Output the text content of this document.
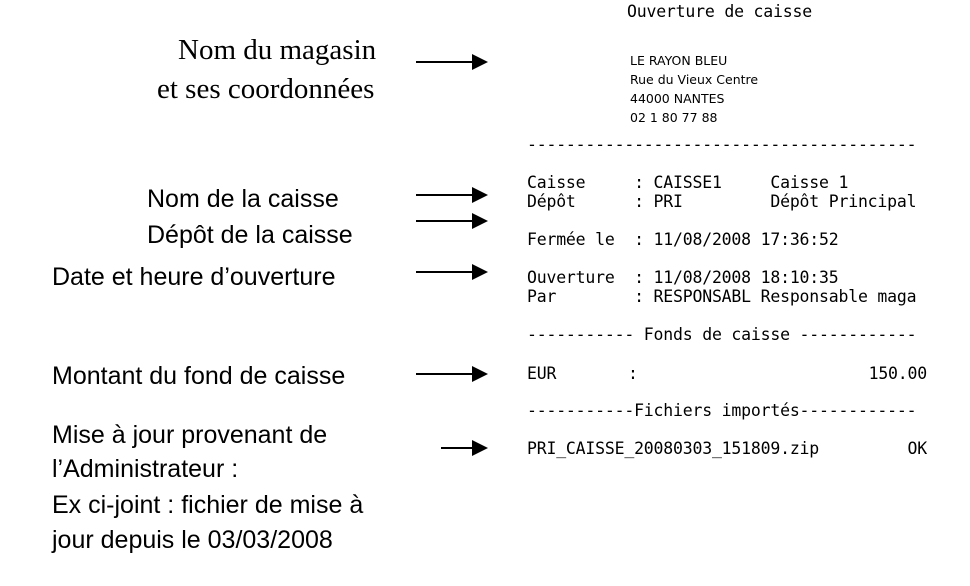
Nom du magasin
et ses coordonnées
Nom de la caisse
Dépôt de la caisse
Date et heure d’ouverture
Montant du fond de caisse
Mise à jour provenant de
l’Administrateur :
Ex ci-joint : fichier de mise à
jour depuis le 03/03/2008
Ouverture de caisse
LE RAYON BLEU
Rue du Vieux Centre
44000 NANTES
02 1 80 77 88
----------------------------------------
Caisse     : CAISSE1     Caisse 1
Dépôt      : PRI         Dépôt Principal
Fermée le  : 11/08/2008 17:36:52
Ouverture  : 11/08/2008 18:10:35
Par        : RESPONSABL Responsable maga
----------- Fonds de caisse ------------
EUR	:	150.00
-----------Fichiers importés------------
PRI_CAISSE_20080303_151809.zip	OK
